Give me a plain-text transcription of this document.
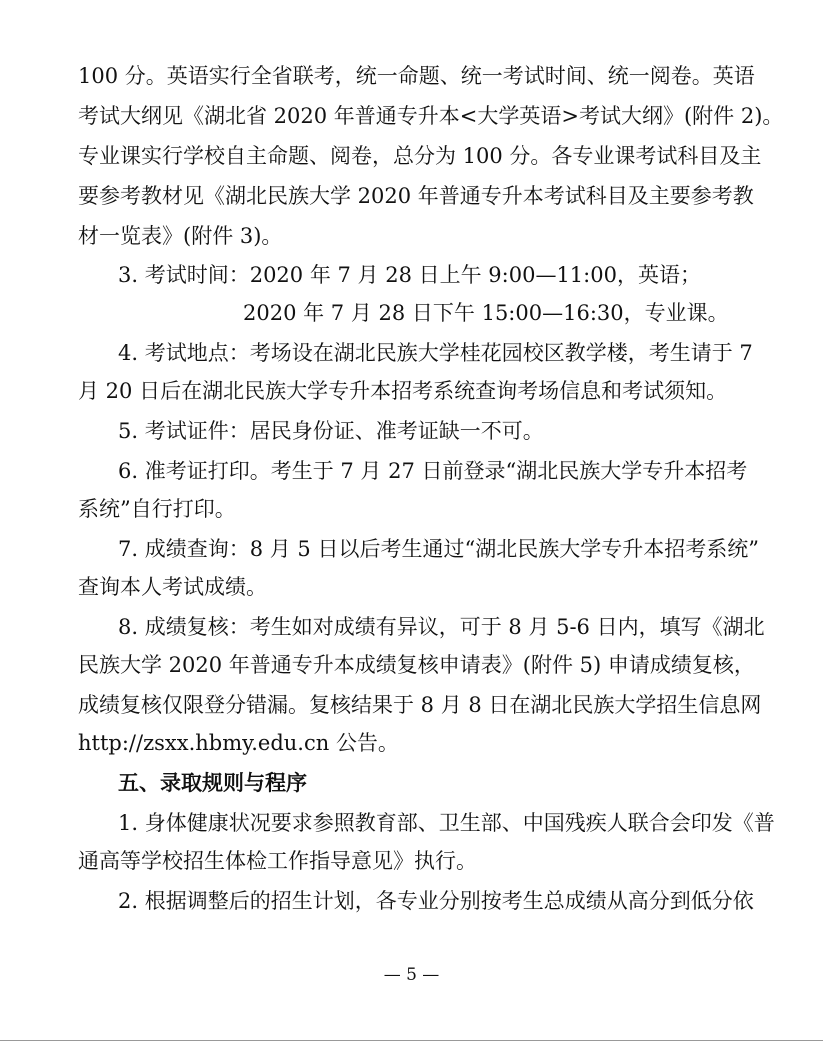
100 分。英语实行全省联考，统一命题、统一考试时间、统一阅卷。英语
考试大纲见《湖北省 2020 年普通专升本<大学英语>考试大纲》(附件 2)。
专业课实行学校自主命题、阅卷，总分为 100 分。各专业课考试科目及主
要参考教材见《湖北民族大学 2020 年普通专升本考试科目及主要参考教
材一览表》(附件 3)。
3. 考试时间：2020 年 7 月 28 日上午 9:00—11:00，英语；
2020 年 7 月 28 日下午 15:00—16:30，专业课。
4. 考试地点：考场设在湖北民族大学桂花园校区教学楼，考生请于 7
月 20 日后在湖北民族大学专升本招考系统查询考场信息和考试须知。
5. 考试证件：居民身份证、准考证缺一不可。
6. 准考证打印。考生于 7 月 27 日前登录“湖北民族大学专升本招考
系统”自行打印。
7. 成绩查询：8 月 5 日以后考生通过“湖北民族大学专升本招考系统”
查询本人考试成绩。
8. 成绩复核：考生如对成绩有异议，可于 8 月 5-6 日内，填写《湖北
民族大学 2020 年普通专升本成绩复核申请表》(附件 5) 申请成绩复核，
成绩复核仅限登分错漏。复核结果于 8 月 8 日在湖北民族大学招生信息网
http://zsxx.hbmy.edu.cn 公告。
五、录取规则与程序
1. 身体健康状况要求参照教育部、卫生部、中国残疾人联合会印发《普
通高等学校招生体检工作指导意见》执行。
2. 根据调整后的招生计划，各专业分别按考生总成绩从高分到低分依
— 5 —
